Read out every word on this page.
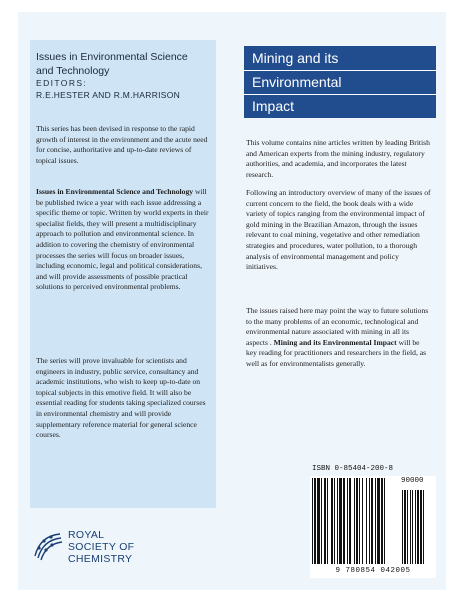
Issues in Environmental Science
and Technology
EDITORS:
R.E.HESTER AND R.M.HARRISON

This series has been devised in response to the rapid growth of interest in the environment and the acute need for concise, authoritative and up-to-date reviews of topical issues.

Issues in Environmental Science and Technology will be published twice a year with each issue addressing a specific theme or topic. Written by world experts in their specialist fields, they will present a multidisciplinary approach to pollution and environmental science. In addition to covering the chemistry of environmental processes the series will focus on broader issues, including economic, legal and political considerations, and will provide assessments of possible practical solutions to perceived environmental problems.

The series will prove invaluable for scientists and engineers in industry, public service, consultancy and academic institutions, who wish to keep up-to-date on topical subjects in this emotive field. It will also be essential reading for students taking specialized courses in environmental chemistry and will provide supplementary reference material for general science courses.

Mining and its
Environmental
Impact

This volume contains nine articles written by leading British and American experts from the mining industry, regulatory authorities, and academia, and incorporates the latest research.

Following an introductory overview of many of the issues of current concern to the field, the book deals with a wide variety of topics ranging from the environmental impact of gold mining in the Brazilian Amazon, through the issues relevant to coal mining, vegetative and other remediation strategies and procedures, water pollution, to a thorough analysis of environmental management and policy initiatives.

The issues raised here may point the way to future solutions to the many problems of an economic, technological and environmental nature associated with mining in all its aspects . Mining and its Environmental Impact will be key reading for practitioners and researchers in the field, as well as for environmentalists generally.

ROYAL
SOCIETY OF
CHEMISTRY
ISBN 0-85404-200-8
90000
9 780854 042005
